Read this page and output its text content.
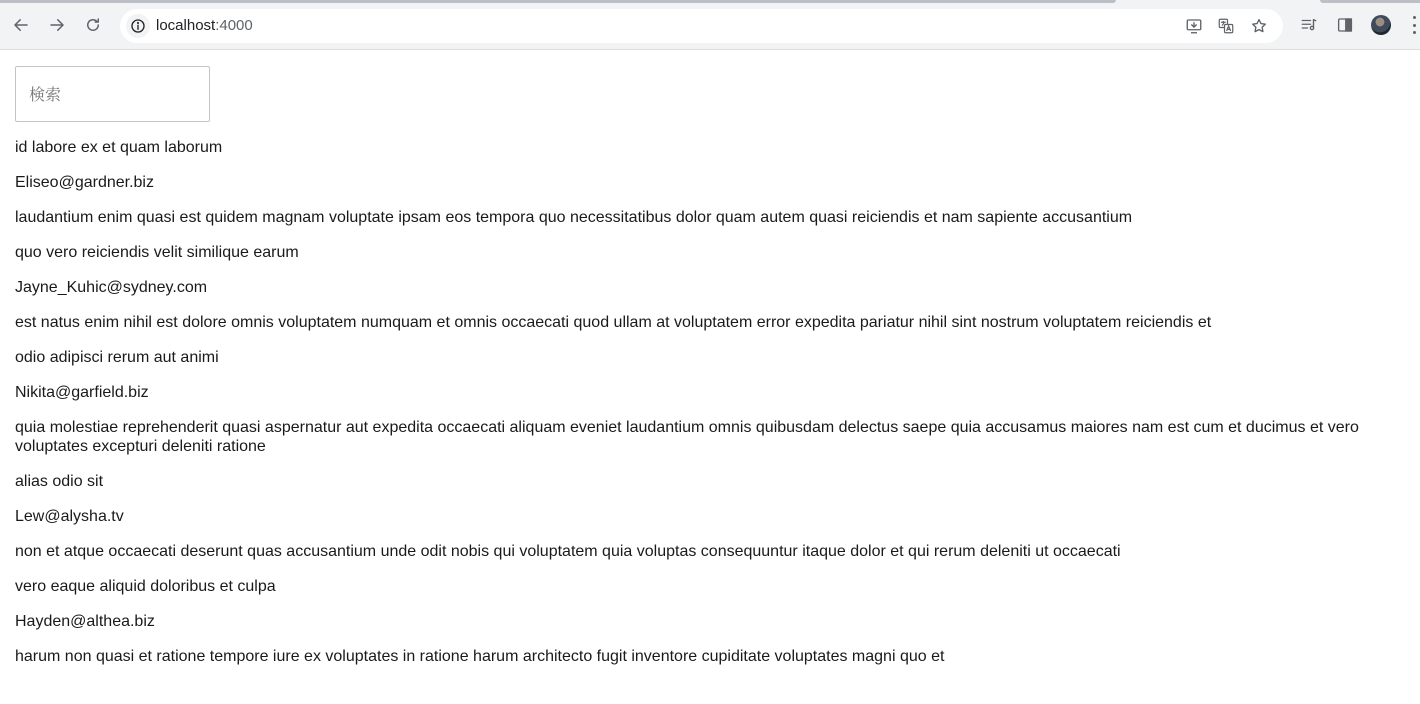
localhost:4000
検索

id labore ex et quam laborum

Eliseo@gardner.biz

laudantium enim quasi est quidem magnam voluptate ipsam eos tempora quo necessitatibus dolor quam autem quasi reiciendis et nam sapiente accusantium

quo vero reiciendis velit similique earum

Jayne_Kuhic@sydney.com

est natus enim nihil est dolore omnis voluptatem numquam et omnis occaecati quod ullam at voluptatem error expedita pariatur nihil sint nostrum voluptatem reiciendis et

odio adipisci rerum aut animi

Nikita@garfield.biz

quia molestiae reprehenderit quasi aspernatur aut expedita occaecati aliquam eveniet laudantium omnis quibusdam delectus saepe quia accusamus maiores nam est cum et ducimus et vero voluptates excepturi deleniti ratione

alias odio sit

Lew@alysha.tv

non et atque occaecati deserunt quas accusantium unde odit nobis qui voluptatem quia voluptas consequuntur itaque dolor et qui rerum deleniti ut occaecati

vero eaque aliquid doloribus et culpa

Hayden@althea.biz

harum non quasi et ratione tempore iure ex voluptates in ratione harum architecto fugit inventore cupiditate voluptates magni quo et
